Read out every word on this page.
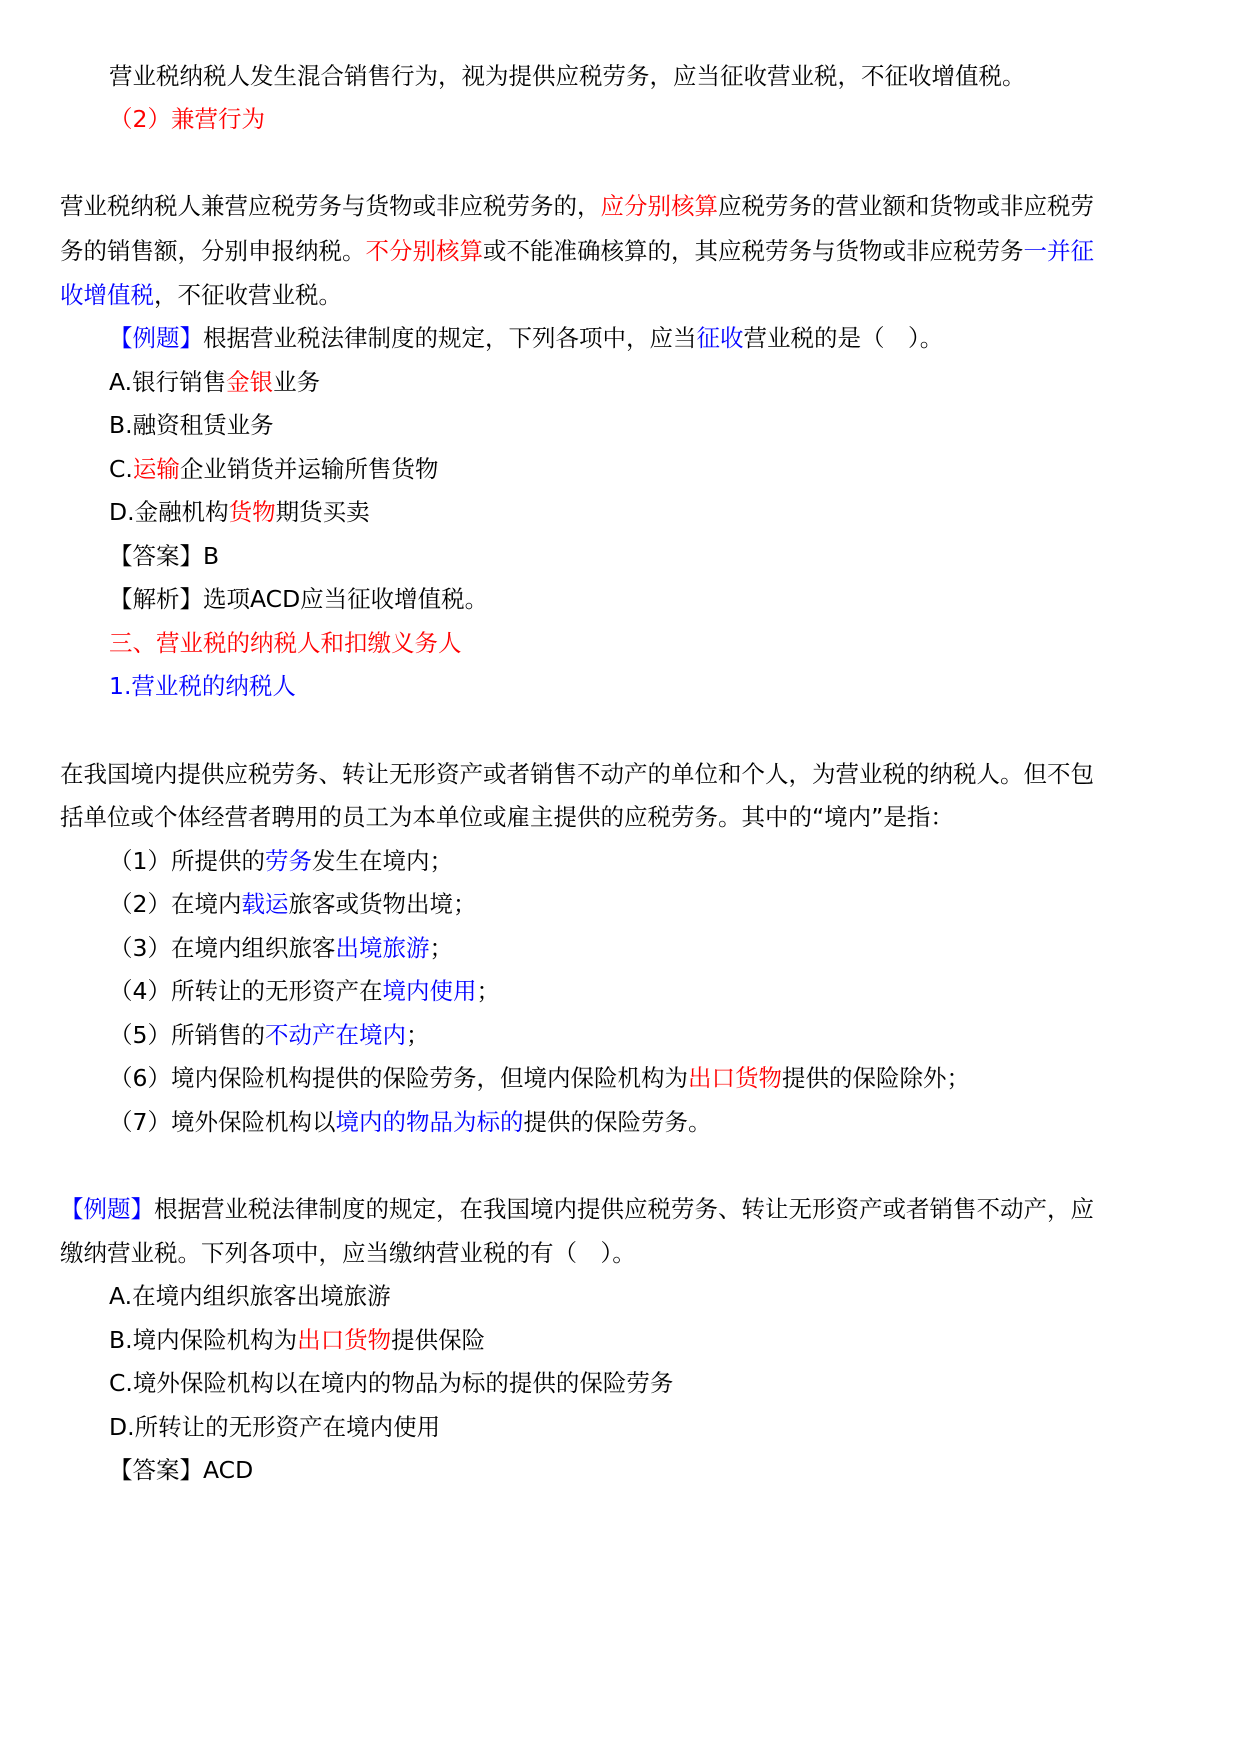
营业税纳税人发生混合销售行为，视为提供应税劳务，应当征收营业税，不征收增值税。
（2）兼营行为
营业税纳税人兼营应税劳务与货物或非应税劳务的，应分别核算应税劳务的营业额和货物或非应税劳
务的销售额，分别申报纳税。不分别核算或不能准确核算的，其应税劳务与货物或非应税劳务一并征
收增值税，不征收营业税。
【例题】根据营业税法律制度的规定，下列各项中，应当征收营业税的是（　）。
A.银行销售金银业务
B.融资租赁业务
C.运输企业销货并运输所售货物
D.金融机构货物期货买卖
【答案】B
【解析】选项ACD应当征收增值税。
三、营业税的纳税人和扣缴义务人
1.营业税的纳税人
在我国境内提供应税劳务、转让无形资产或者销售不动产的单位和个人，为营业税的纳税人。但不包
括单位或个体经营者聘用的员工为本单位或雇主提供的应税劳务。其中的“境内”是指：
（1）所提供的劳务发生在境内；
（2）在境内载运旅客或货物出境；
（3）在境内组织旅客出境旅游；
（4）所转让的无形资产在境内使用；
（5）所销售的不动产在境内；
（6）境内保险机构提供的保险劳务，但境内保险机构为出口货物提供的保险除外；
（7）境外保险机构以境内的物品为标的提供的保险劳务。
【例题】根据营业税法律制度的规定，在我国境内提供应税劳务、转让无形资产或者销售不动产，应
缴纳营业税。下列各项中，应当缴纳营业税的有（　）。
A.在境内组织旅客出境旅游
B.境内保险机构为出口货物提供保险
C.境外保险机构以在境内的物品为标的提供的保险劳务
D.所转让的无形资产在境内使用
【答案】ACD
